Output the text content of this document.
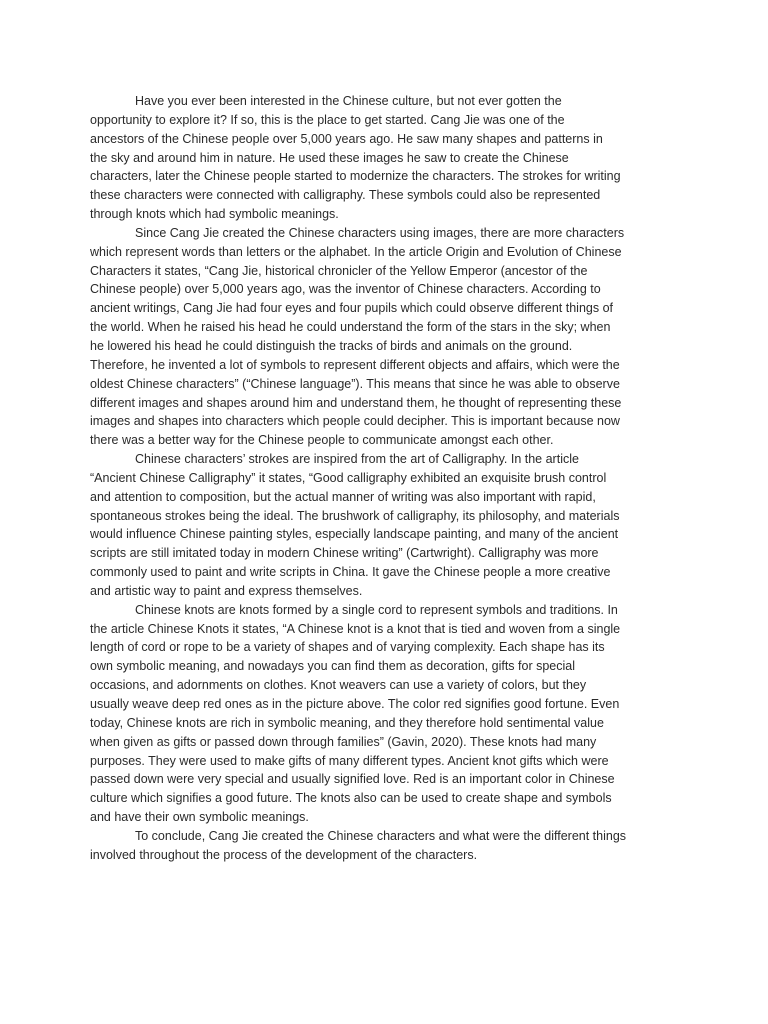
Have you ever been interested in the Chinese culture, but not ever gotten the
opportunity to explore it? If so, this is the place to get started. Cang Jie was one of the
ancestors of the Chinese people over 5,000 years ago. He saw many shapes and patterns in
the sky and around him in nature. He used these images he saw to create the Chinese
characters, later the Chinese people started to modernize the characters. The strokes for writing
these characters were connected with calligraphy. These symbols could also be represented
through knots which had symbolic meanings.

Since Cang Jie created the Chinese characters using images, there are more characters
which represent words than letters or the alphabet. In the article Origin and Evolution of Chinese
Characters it states, “Cang Jie, historical chronicler of the Yellow Emperor (ancestor of the
Chinese people) over 5,000 years ago, was the inventor of Chinese characters. According to
ancient writings, Cang Jie had four eyes and four pupils which could observe different things of
the world. When he raised his head he could understand the form of the stars in the sky; when
he lowered his head he could distinguish the tracks of birds and animals on the ground.
Therefore, he invented a lot of symbols to represent different objects and affairs, which were the
oldest Chinese characters” (“Chinese language”). This means that since he was able to observe
different images and shapes around him and understand them, he thought of representing these
images and shapes into characters which people could decipher. This is important because now
there was a better way for the Chinese people to communicate amongst each other.

Chinese characters’ strokes are inspired from the art of Calligraphy. In the article
“Ancient Chinese Calligraphy” it states, “Good calligraphy exhibited an exquisite brush control
and attention to composition, but the actual manner of writing was also important with rapid,
spontaneous strokes being the ideal. The brushwork of calligraphy, its philosophy, and materials
would influence Chinese painting styles, especially landscape painting, and many of the ancient
scripts are still imitated today in modern Chinese writing” (Cartwright). Calligraphy was more
commonly used to paint and write scripts in China. It gave the Chinese people a more creative
and artistic way to paint and express themselves.

Chinese knots are knots formed by a single cord to represent symbols and traditions. In
the article Chinese Knots it states, “A Chinese knot is a knot that is tied and woven from a single
length of cord or rope to be a variety of shapes and of varying complexity. Each shape has its
own symbolic meaning, and nowadays you can find them as decoration, gifts for special
occasions, and adornments on clothes. Knot weavers can use a variety of colors, but they
usually weave deep red ones as in the picture above. The color red signifies good fortune. Even
today, Chinese knots are rich in symbolic meaning, and they therefore hold sentimental value
when given as gifts or passed down through families” (Gavin, 2020). These knots had many
purposes. They were used to make gifts of many different types. Ancient knot gifts which were
passed down were very special and usually signified love. Red is an important color in Chinese
culture which signifies a good future. The knots also can be used to create shape and symbols
and have their own symbolic meanings.

To conclude, Cang Jie created the Chinese characters and what were the different things
involved throughout the process of the development of the characters.
